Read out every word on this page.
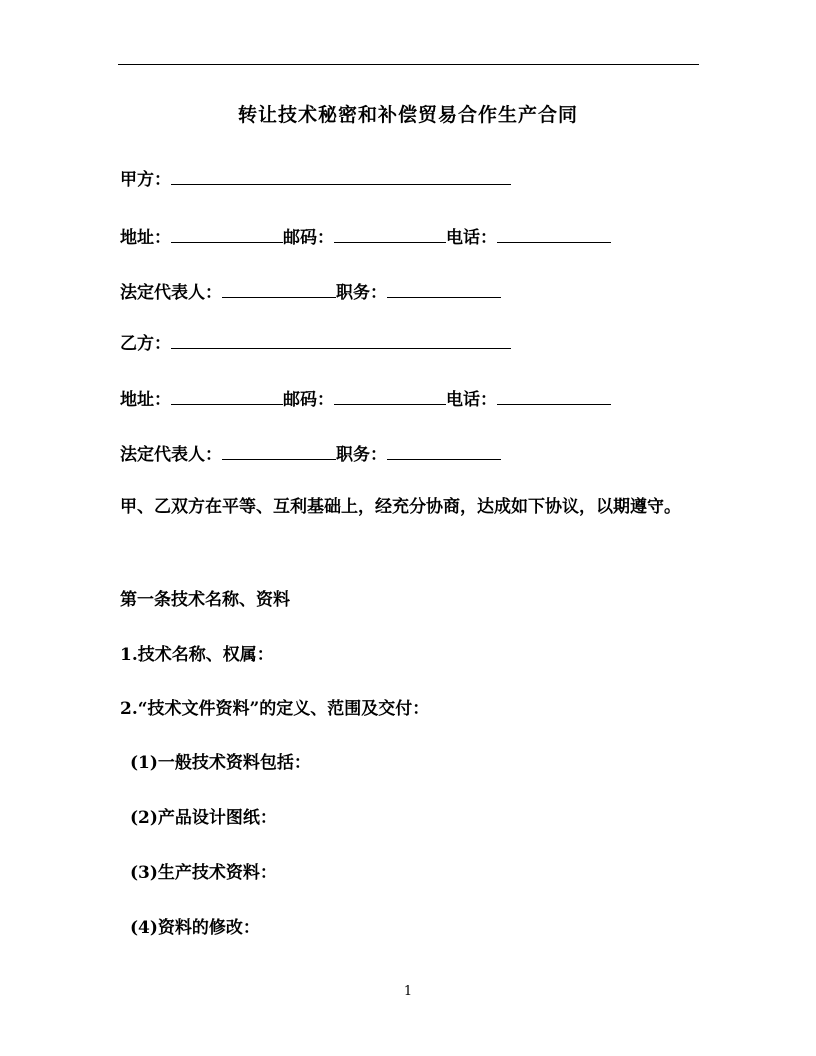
转让技术秘密和补偿贸易合作生产合同
甲方：
地址：	邮码：	电话：
法定代表人：	职务：
乙方：
地址：	邮码：	电话：
法定代表人：	职务：
甲、乙双方在平等、互利基础上，经充分协商，达成如下协议，以期遵守。
第一条技术名称、资料
1.技术名称、权属：
2.“技术文件资料”的定义、范围及交付：
(1)一般技术资料包括：
(2)产品设计图纸：
(3)生产技术资料：
(4)资料的修改：
1
